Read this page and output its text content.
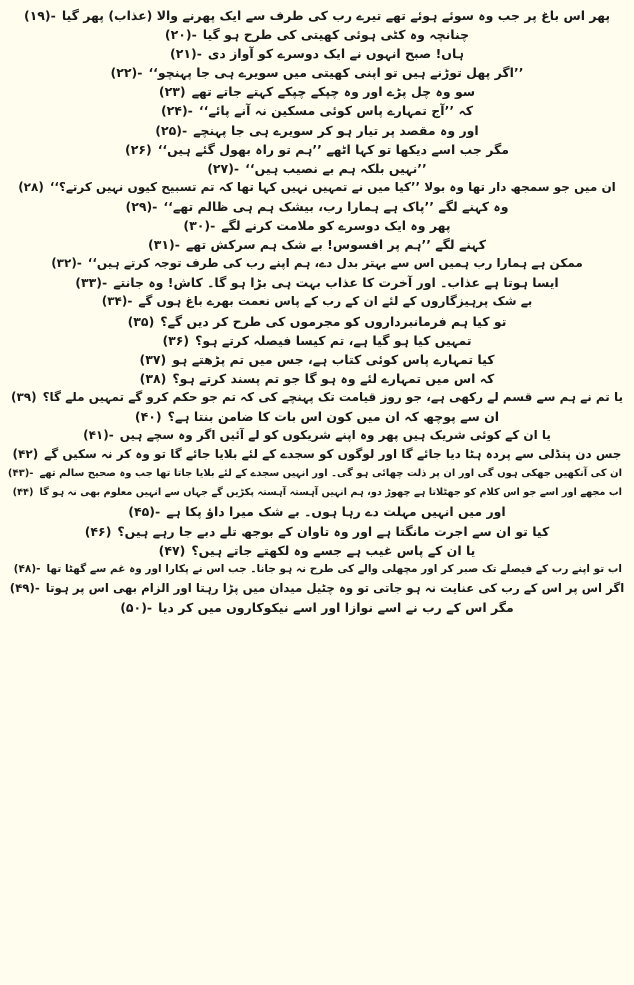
پھر اس باغ پر جب وہ سوئے ہوئے تھے تیرے رب کی طرف سے ایک پھرنے والا (عذاب) پھر گیا-(۱۹)
چنانچہ وہ کٹی ہوئی کھیتی کی طرح ہو گیا-(۲۰)
ہاں! صبح انہوں نے ایک دوسرے کو آواز دی-(۲۱)
’’اگر پھل توڑنے ہیں تو اپنی کھیتی میں سویرے ہی جا پہنچو‘‘-(۲۲)
سو وہ چل پڑے اور وہ چپکے چپکے کہتے جاتے تھے(۲۳)
کہ ’’آج تمہارے پاس کوئی مسکین نہ آنے پائے‘‘-(۲۴)
اور وہ مقصد پر تیار ہو کر سویرے ہی جا پہنچے-(۲۵)
مگر جب اسے دیکھا تو کہا اٹھے ’’ہم تو راہ بھول گئے ہیں‘‘(۲۶)
’’نہیں بلکہ ہم بے نصیب ہیں‘‘-(۲۷)
ان میں جو سمجھ دار تھا وہ بولا ’’کیا میں نے تمہیں نہیں کہا تھا کہ تم تسبیح کیوں نہیں کرتے؟‘‘(۲۸)
وہ کہنے لگے ’’پاک ہے ہمارا رب، بیشک ہم ہی ظالم تھے‘‘-(۲۹)
پھر وہ ایک دوسرے کو ملامت کرنے لگے-(۳۰)
کہنے لگے ’’ہم پر افسوس! بے شک ہم سرکش تھے-(۳۱)
ممکن ہے ہمارا رب ہمیں اس سے بہتر بدل دے، ہم اپنے رب کی طرف توجہ کرتے ہیں‘‘-(۳۲)
ایسا ہوتا ہے عذاب۔ اور آخرت کا عذاب بہت ہی بڑا ہو گا۔ کاش! وہ جانتے-(۳۳)
بے شک پرہیزگاروں کے لئے ان کے رب کے پاس نعمت بھرے باغ ہوں گے-(۳۴)
تو کیا ہم فرمانبرداروں کو مجرموں کی طرح کر دیں گے؟(۳۵)
تمہیں کیا ہو گیا ہے، تم کیسا فیصلہ کرتے ہو؟(۳۶)
کیا تمہارے پاس کوئی کتاب ہے، جس میں تم پڑھتے ہو(۳۷)
کہ اس میں تمہارے لئے وہ ہو گا جو تم پسند کرتے ہو؟(۳۸)
یا تم نے ہم سے قسم لے رکھی ہے، جو روز قیامت تک پہنچے کی کہ تم جو حکم کرو گے تمہیں ملے گا؟(۳۹)
ان سے پوچھ کہ ان میں کون اس بات کا ضامن بنتا ہے؟(۴۰)
یا ان کے کوئی شریک ہیں پھر وہ اپنے شریکوں کو لے آئیں اگر وہ سچے ہیں-(۴۱)
جس دن پنڈلی سے پردہ ہٹا دیا جائے گا اور لوگوں کو سجدے کے لئے بلایا جائے گا تو وہ کر نہ سکیں گے(۴۲)
ان کی آنکھیں جھکی ہوں گی اور ان پر ذلت چھائی ہو گی۔ اور انہیں سجدے کے لئے بلایا جاتا تھا جب وہ صحیح سالم تھے-(۴۳)
اب مجھے اور اسے جو اس کلام کو جھٹلاتا ہے چھوڑ دو، ہم انہیں آہستہ آہستہ پکڑیں گے جہاں سے انہیں معلوم بھی نہ ہو گا(۴۴)
اور میں انہیں مہلت دے رہا ہوں۔ بے شک میرا داؤ پکا ہے-(۴۵)
کیا تو ان سے اجرت مانگتا ہے اور وہ تاوان کے بوجھ تلے دبے جا رہے ہیں؟(۴۶)
یا ان کے پاس غیب ہے جسے وہ لکھتے جاتے ہیں؟(۴۷)
اب تو اپنے رب کے فیصلے تک صبر کر اور مچھلی والے کی طرح نہ ہو جانا۔ جب اس نے پکارا اور وہ غم سے گھٹا تھا-(۴۸)
اگر اس پر اس کے رب کی عنایت نہ ہو جاتی تو وہ چٹیل میدان میں پڑا رہتا اور الزام بھی اس پر ہوتا-(۴۹)
مگر اس کے رب نے اسے نوازا اور اسے نیکوکاروں میں کر دیا-(۵۰)
